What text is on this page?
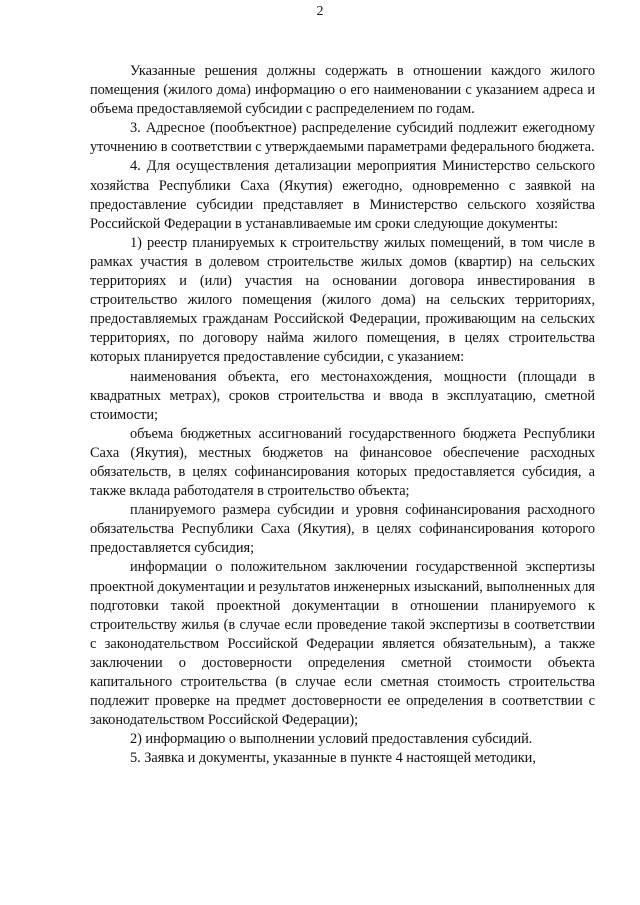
2

Указанные решения должны содержать в отношении каждого жилого помещения (жилого дома) информацию о его наименовании с указанием адреса и объема предоставляемой субсидии с распределением по годам.

3. Адресное (пообъектное) распределение субсидий подлежит ежегодному уточнению в соответствии с утверждаемыми параметрами федерального бюджета.

4. Для осуществления детализации мероприятия Министерство сельского хозяйства Республики Саха (Якутия) ежегодно, одновременно с заявкой на предоставление субсидии представляет в Министерство сельского хозяйства Российской Федерации в устанавливаемые им сроки следующие документы:

1) реестр планируемых к строительству жилых помещений, в том числе в рамках участия в долевом строительстве жилых домов (квартир) на сельских территориях и (или) участия на основании договора инвестирования в строительство жилого помещения (жилого дома) на сельских территориях, предоставляемых гражданам Российской Федерации, проживающим на сельских территориях, по договору найма жилого помещения, в целях строительства которых планируется предоставление субсидии, с указанием:

наименования объекта, его местонахождения, мощности (площади в квадратных метрах), сроков строительства и ввода в эксплуатацию, сметной стоимости;

объема бюджетных ассигнований государственного бюджета Республики Саха (Якутия), местных бюджетов на финансовое обеспечение расходных обязательств, в целях софинансирования которых предоставляется субсидия, а также вклада работодателя в строительство объекта;

планируемого размера субсидии и уровня софинансирования расходного обязательства Республики Саха (Якутия), в целях софинансирования которого предоставляется субсидия;

информации о положительном заключении государственной экспертизы проектной документации и результатов инженерных изысканий, выполненных для подготовки такой проектной документации в отношении планируемого к строительству жилья (в случае если проведение такой экспертизы в соответствии с законодательством Российской Федерации является обязательным), а также заключении о достоверности определения сметной стоимости объекта капитального строительства (в случае если сметная стоимость строительства подлежит проверке на предмет достоверности ее определения в соответствии с законодательством Российской Федерации);

2) информацию о выполнении условий предоставления субсидий.

5. Заявка и документы, указанные в пункте 4 настоящей методики,
